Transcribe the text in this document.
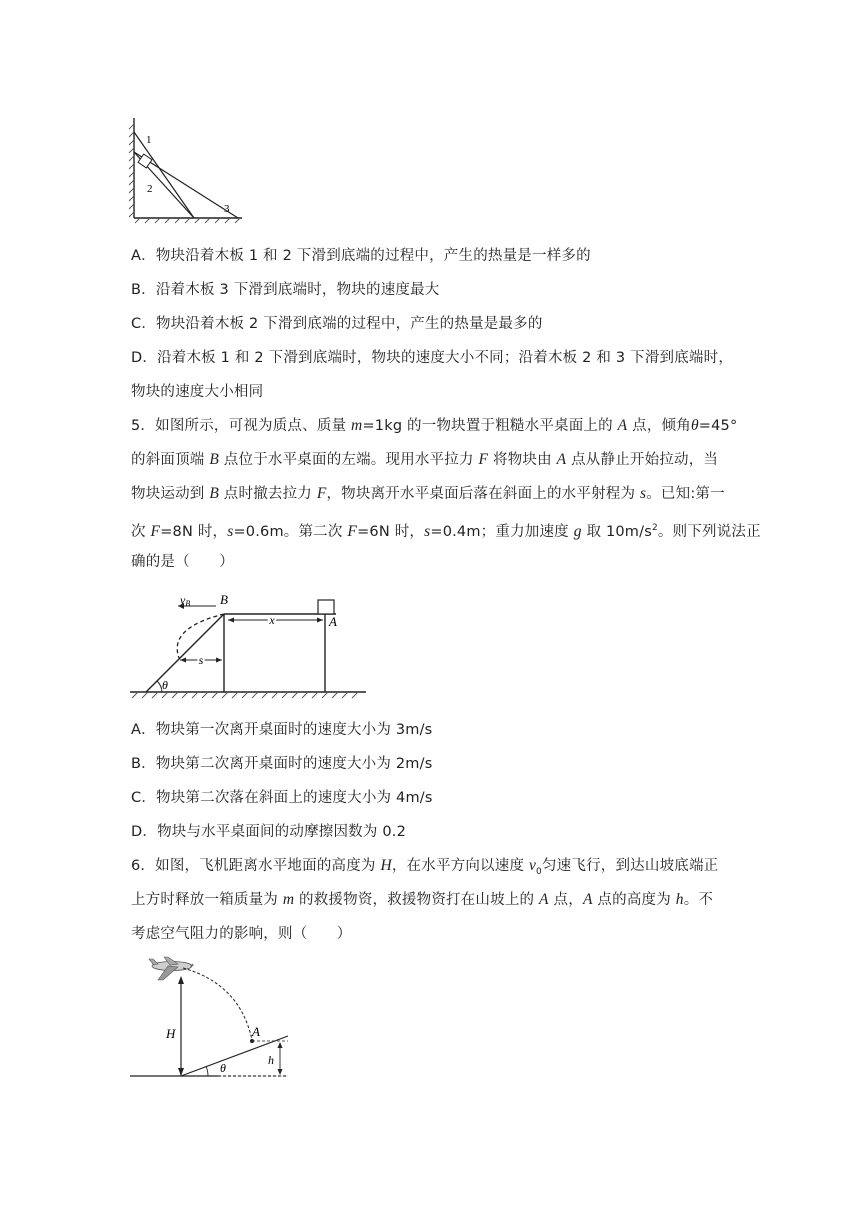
1
2
3
A．物块沿着木板 1 和 2 下滑到底端的过程中，产生的热量是一样多的
B．沿着木板 3 下滑到底端时，物块的速度最大
C．物块沿着木板 2 下滑到底端的过程中，产生的热量是最多的
D．沿着木板 1 和 2 下滑到底端时，物块的速度大小不同；沿着木板 2 和 3 下滑到底端时，
物块的速度大小相同
5．如图所示，可视为质点、质量 m=1kg 的一物块置于粗糙水平桌面上的 A 点，倾角θ=45°
的斜面顶端 B 点位于水平桌面的左端。现用水平拉力 F 将物块由 A 点从静止开始拉动，当
物块运动到 B 点时撤去拉力 F，物块离开水平桌面后落在斜面上的水平射程为 s。已知:第一
次 F=8N 时，s=0.6m。第二次 F=6N 时，s=0.4m；重力加速度 g 取 $10m/s^2$。则下列说法正
确的是（　　）
vB B
x	A
s
θ
A．物块第一次离开桌面时的速度大小为 3m/s
B．物块第二次离开桌面时的速度大小为 2m/s
C．物块第二次落在斜面上的速度大小为 4m/s
D．物块与水平桌面间的动摩擦因数为 0.2
6．如图，飞机距离水平地面的高度为 H，在水平方向以速度 $v_0$匀速飞行，到达山坡底端正
上方时释放一箱质量为 m 的救援物资，救援物资打在山坡上的 A 点，A 点的高度为 h。不
考虑空气阻力的影响，则（　　）
H	A
h
θ
